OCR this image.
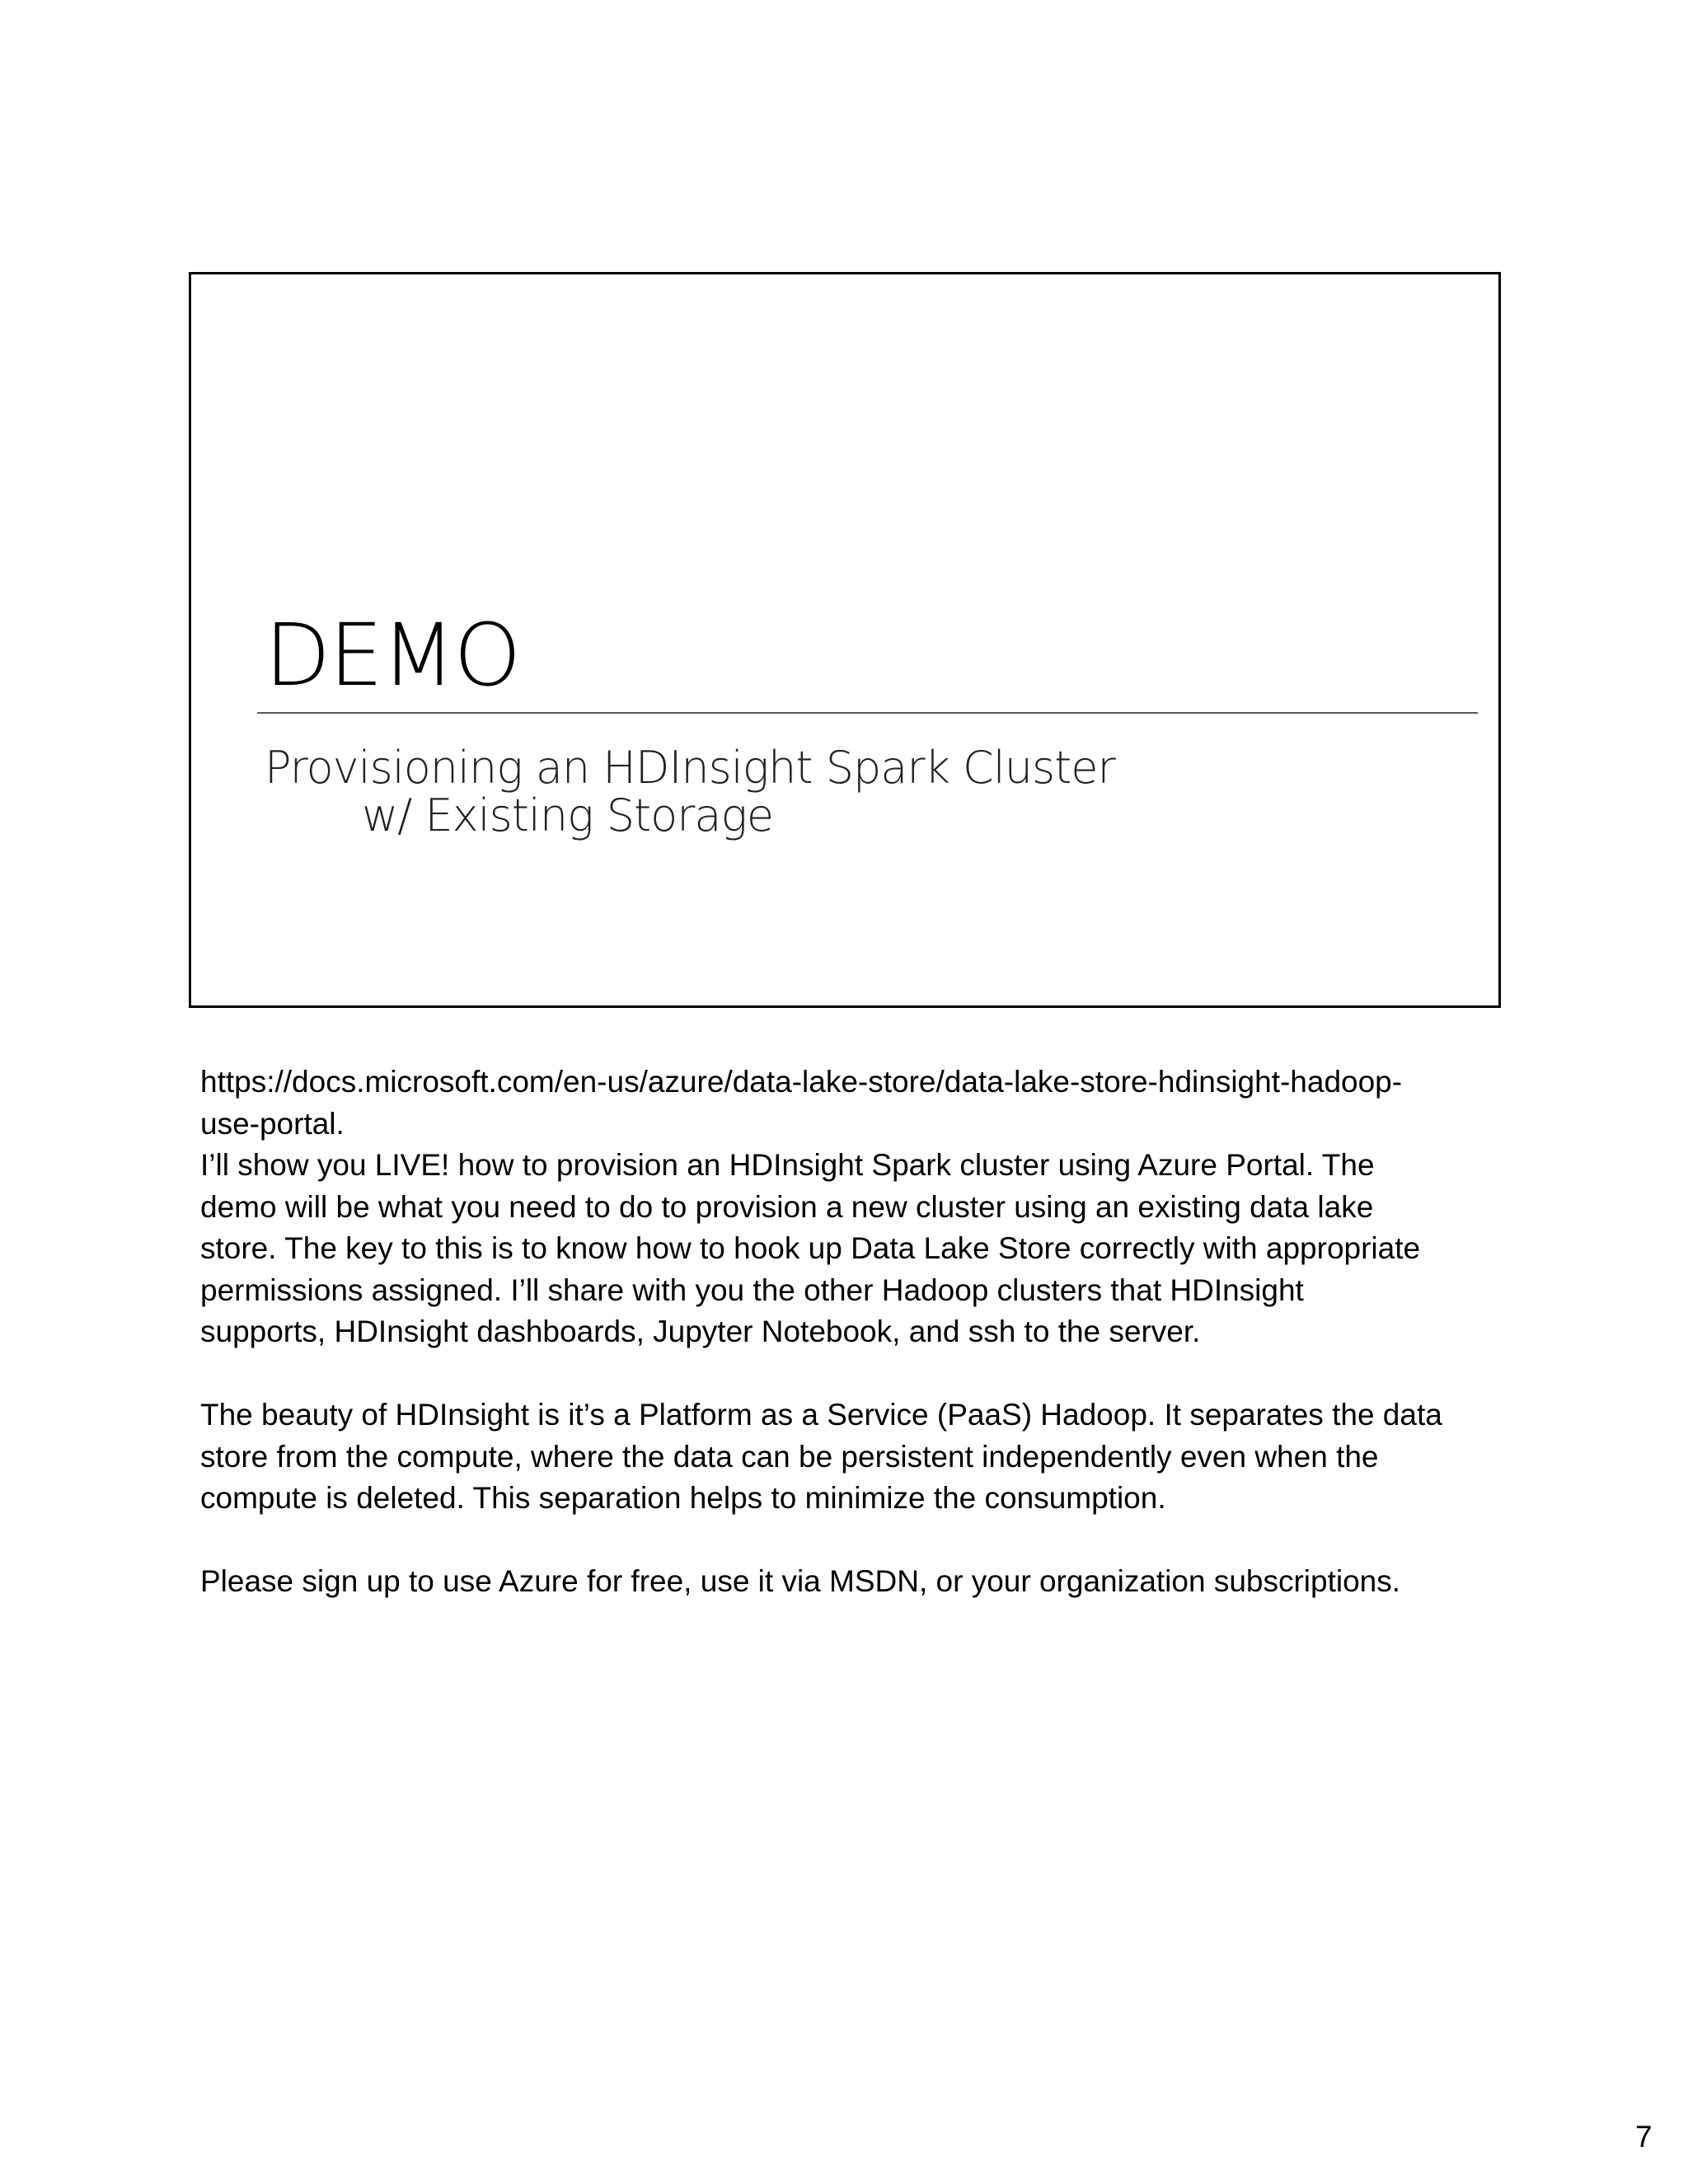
DEMO
Provisioning an HDInsight Spark Cluster
w/ Existing Storage

https://docs.microsoft.com/en-us/azure/data-lake-store/data-lake-store-hdinsight-hadoop-

use-portal.

I’ll show you LIVE! how to provision an HDInsight Spark cluster using Azure Portal. The

demo will be what you need to do to provision a new cluster using an existing data lake

store. The key to this is to know how to hook up Data Lake Store correctly with appropriate

permissions assigned. I’ll share with you the other Hadoop clusters that HDInsight

supports, HDInsight dashboards, Jupyter Notebook, and ssh to the server.

The beauty of HDInsight is it’s a Platform as a Service (PaaS) Hadoop. It separates the data

store from the compute, where the data can be persistent independently even when the

compute is deleted. This separation helps to minimize the consumption.

Please sign up to use Azure for free, use it via MSDN, or your organization subscriptions.

7
